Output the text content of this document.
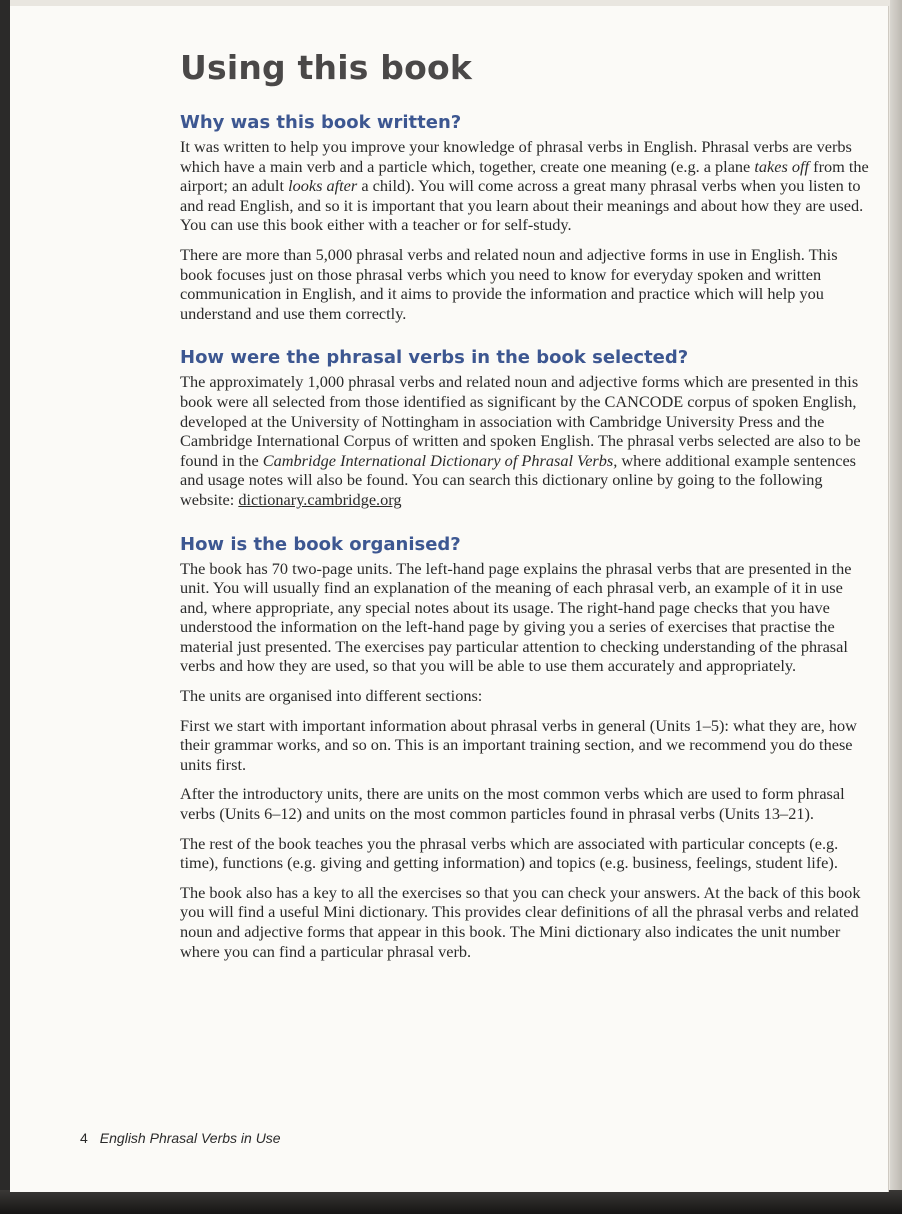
Using this book
Why was this book written?

It was written to help you improve your knowledge of phrasal verbs in English. Phrasal verbs are verbs which have a main verb and a particle which, together, create one meaning (e.g. a plane takes off from the airport; an adult looks after a child). You will come across a great many phrasal verbs when you listen to and read English, and so it is important that you learn about their meanings and about how they are used. You can use this book either with a teacher or for self-study.

There are more than 5,000 phrasal verbs and related noun and adjective forms in use in English. This book focuses just on those phrasal verbs which you need to know for everyday spoken and written communication in English, and it aims to provide the information and practice which will help you understand and use them correctly.

How were the phrasal verbs in the book selected?

The approximately 1,000 phrasal verbs and related noun and adjective forms which are presented in this book were all selected from those identified as significant by the CANCODE corpus of spoken English, developed at the University of Nottingham in association with Cambridge University Press and the Cambridge International Corpus of written and spoken English. The phrasal verbs selected are also to be found in the Cambridge International Dictionary of Phrasal Verbs, where additional example sentences and usage notes will also be found. You can search this dictionary online by going to the following website: dictionary.cambridge.org

How is the book organised?

The book has 70 two-page units. The left-hand page explains the phrasal verbs that are presented in the unit. You will usually find an explanation of the meaning of each phrasal verb, an example of it in use and, where appropriate, any special notes about its usage. The right-hand page checks that you have understood the information on the left-hand page by giving you a series of exercises that practise the material just presented. The exercises pay particular attention to checking understanding of the phrasal verbs and how they are used, so that you will be able to use them accurately and appropriately.

The units are organised into different sections:

First we start with important information about phrasal verbs in general (Units 1–5): what they are, how their grammar works, and so on. This is an important training section, and we recommend you do these units first.

After the introductory units, there are units on the most common verbs which are used to form phrasal verbs (Units 6–12) and units on the most common particles found in phrasal verbs (Units 13–21).

The rest of the book teaches you the phrasal verbs which are associated with particular concepts (e.g. time), functions (e.g. giving and getting information) and topics (e.g. business, feelings, student life).

The book also has a key to all the exercises so that you can check your answers. At the back of this book you will find a useful Mini dictionary. This provides clear definitions of all the phrasal verbs and related noun and adjective forms that appear in this book. The Mini dictionary also indicates the unit number where you can find a particular phrasal verb.

4 English Phrasal Verbs in Use
